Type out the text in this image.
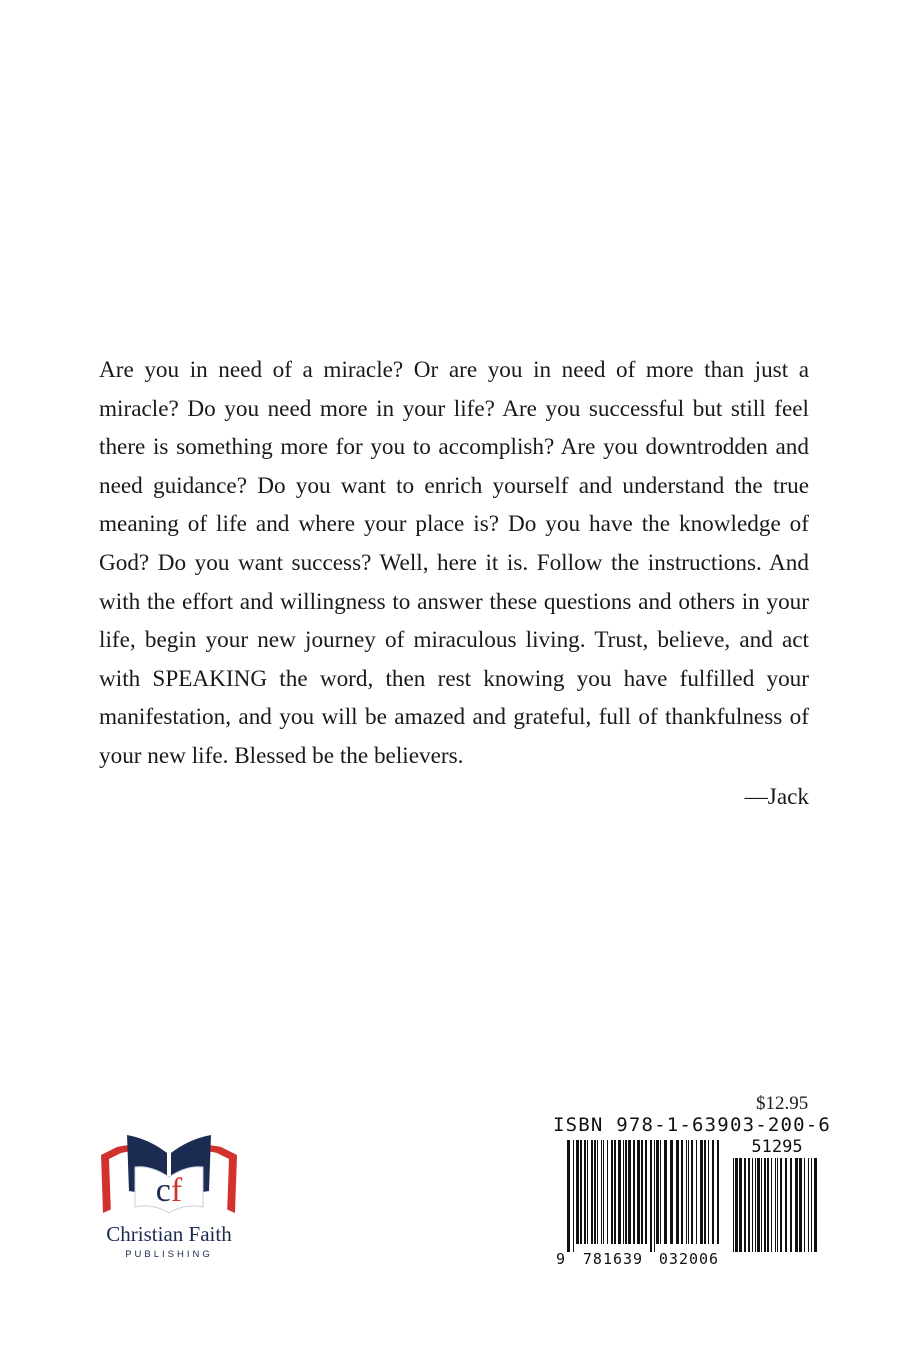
Are you in need of a miracle? Or are you in need of more than just a miracle? Do you need more in your life? Are you successful but still feel there is something more for you to accomplish? Are you downtrodden and need guidance? Do you want to enrich yourself and understand the true meaning of life and where your place is? Do you have the knowledge of God? Do you want success? Well, here it is. Follow the instructions. And with the effort and willingness to answer these questions and others in your life, begin your new journey of miraculous living. Trust, believe, and act with SPEAKING the word, then rest knowing you have fulfilled your manifestation, and you will be amazed and grateful, full of thankfulness of your new life. Blessed be the believers.

—Jack
cf
Christian Faith
PUBLISHING
$12.95
ISBN 978-1-63903-200-6
51295
9 781639 032006
